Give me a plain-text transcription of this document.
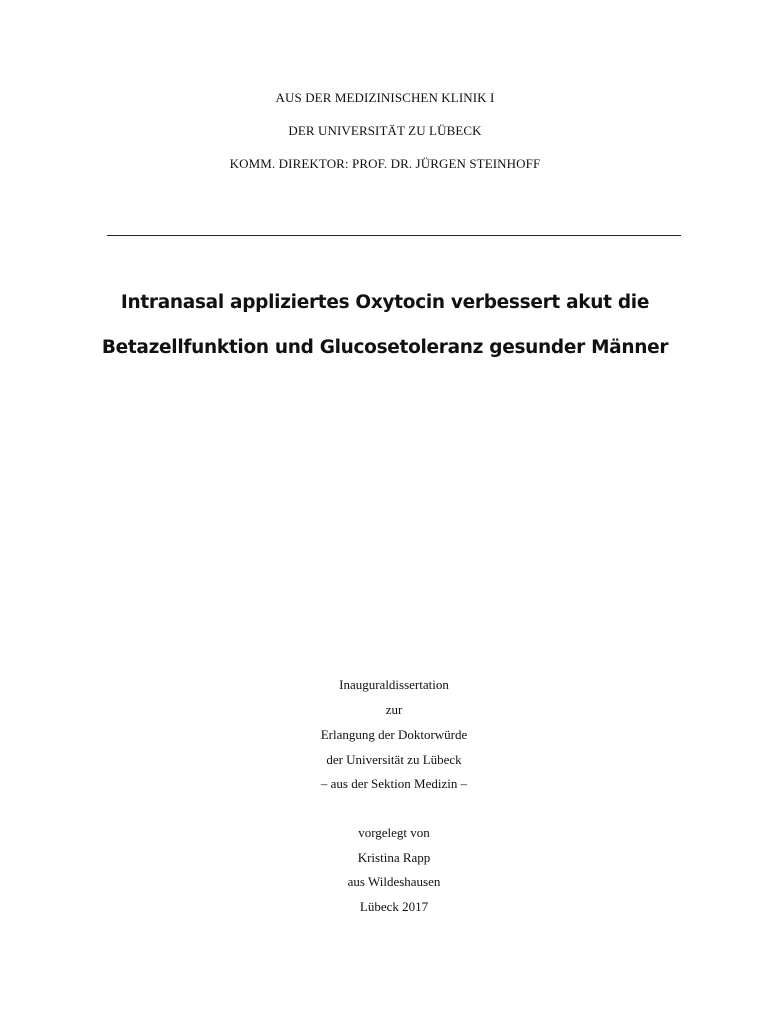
AUS DER MEDIZINISCHEN KLINIK I
DER UNIVERSITÄT ZU LÜBECK
KOMM. DIREKTOR: PROF. DR. JÜRGEN STEINHOFF
Intranasal appliziertes Oxytocin verbessert akut die
Betazellfunktion und Glucosetoleranz gesunder Männer
Inauguraldissertation
zur
Erlangung der Doktorwürde
der Universität zu Lübeck
– aus der Sektion Medizin –
vorgelegt von
Kristina Rapp
aus Wildeshausen
Lübeck 2017
